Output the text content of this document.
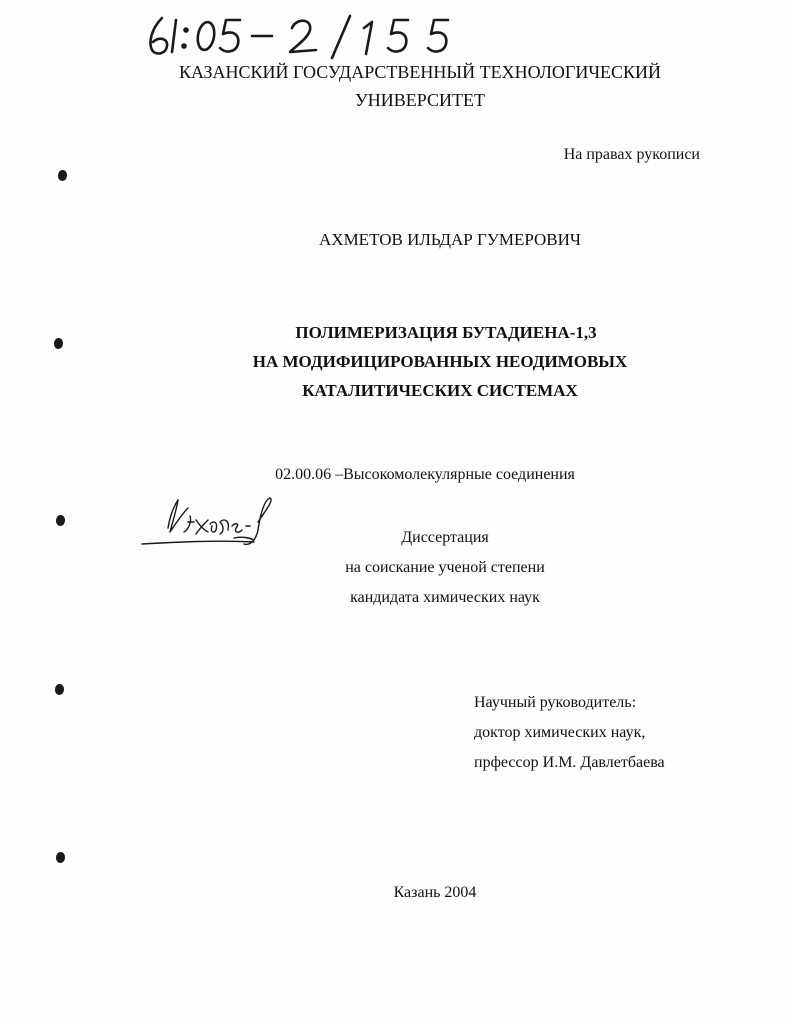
КАЗАНСКИЙ ГОСУДАРСТВЕННЫЙ ТЕХНОЛОГИЧЕСКИЙ
УНИВЕРСИТЕТ
На правах рукописи
АХМЕТОВ ИЛЬДАР ГУМЕРОВИЧ
ПОЛИМЕРИЗАЦИЯ БУТАДИЕНА-1,3
НА МОДИФИЦИРОВАННЫХ НЕОДИМОВЫХ
КАТАЛИТИЧЕСКИХ СИСТЕМАХ
02.00.06 –Высокомолекулярные соединения
Диссертация
на соискание ученой степени
кандидата химических наук
Научный руководитель:
доктор химических наук,
прфессор И.М. Давлетбаева
Казань 2004
